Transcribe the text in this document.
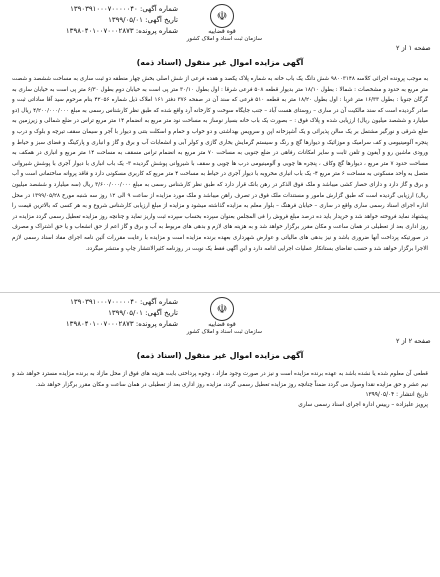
شماره آگهی: ۱۳۹۰۳۹۱۰۰۰۷۰۰۰۰۰۴۰
تاریخ آگهی: ۱۳۹۹/۰۵/۰۱
شماره پرونده: ۱۳۹۸۰۴۰۱۰۰۷۰۰۰۲۸۷۳
☫
قوه قضاییه
سازمان ثبت اسناد و املاک کشور
صفحه ۱ از ۲
آگهی مزایده اموال غیر منقول (اسناد ذمه)
به موجب پرونده اجرائی کلاسه ۹۸۰۰۳۱۴۸ شش دانگ یک باب خانه به شماره پلاک یکصد و هفده فرعی از شش اصلی بخش چهار منطقه دو ثبت ساری به مساحت ششصد و شصت متر مربع به حدود و مشخصات : شمالا : بطول ۱۸/۱۰ متر بدیوار قطعه ۵۰۸ فرعی شرقا : اول بطول ۳۰/۱۰ متر پی است به خیابان دوم بطول ۶/۳۰ متر پی است به خیابان ساری به گرگان جنوبا : بطول ۱۶/۳۳ متر غربا : اول بطول ۱۸/۲۰ متر به قطعه ۵۱۰ فرعی که سند آن در صفحه ۳۷۶ دفتر ۱۶۱ املاک ذیل شماره ۴۲۰۵۶ بنام مرحوم سید آقا ساداتی ثبت و صادر گردیده است که سند مالکیت آن در ساری – روستای هست آباد – جنب جایگاه سوخت و کارخانه آرد واقع شده که طبق نظر کارشناس رسمی به مبلغ ۴/۲۰۰/۰۰۰/۰۰۰ ریال (دو میلیارد و ششصد میلیون ریال) ارزیابی شده و پلاک فوق : – بصورت یک باب خانه بسیار نوساز به مساحت نود متر مربع به انضمام ۱۴ متر مربع تراس در ضلع شمالی و زیرزمین به ضلع شرقی و نورگیر مشتمل بر یک سالن پذیرائی و یک آشپزخانه اپن و سرویس بهداشتی و دو خواب و حمام و اسکلت بتنی و دیوار با آجر و سیمان سقف تیرچه و بلوک و درب و پنجره آلومینیومی و کف سرامیک و موزائیک و دیوارها گچ و رنگ و سیستم گرمایش بخاری گازی و کولر آبی و انشعابات آب و برق و گاز و انباری و پارکینگ و فضای سبز و حیاط و ورودی ماشین رو و آیفون و تلفن ثابت و سایر امکانات رفاهی در ضلع جنوبی به مساحت ۷۰ متر مربع به انضمام تراس مسقف به مساحت ۱۴ متر مربع و انباری در همکف به مساحت حدود ۷ متر مربع ، دیوارها گچ وکاف ، پنجره ها چوبی و آلومینیومی درب ها چوبی و سقف با شیروانی پوشش گردیده ۳- یک باب انباری با دیوار آجری با پوشش شیروانی متصل به واحد مسکونی به مساحت ۶ متر مربع ۴- یک باب انباری مخروبه با دیوار آجری در حیاط به مساحت ۴ متر مربع که کاربری مسکونی دارد و فاقد پروانه ساختمانی است و آب و برق و گاز دارد و دارای حصار کشی میباشد و ملک فوق الذکر در رهن بانک قرار دارد که طبق نظر کارشناس رسمی به مبلغ ۳/۶۰۰/۰۰۰/۰۰۰ ریال (سه میلیارد و ششصد میلیون ریال) ارزیابی گردیده است که طبق گزارش مامور و مستندات ملک فوق در تصرف راهن میباشد و ملک مورد مزایده از ساعت ۹ الی ۱۲ روز سه شنبه مورخ ۱۳۹۹/۰۵/۲۸ در محل اداره اجرای اسناد رسمی ساری واقع در ساری – خیابان فرهنگ – بلوار معلم به مزایده گذاشته میشود و مزایده از مبلغ ارزیابی کارشناس شروع و به هر کسی که بالاترین قیمت را پیشنهاد نماید فروخته خواهد شد و خریدار باید ده درصد مبلغ فروش را فی المجلس بعنوان سپرده بحساب سپرده ثبت واریز نماید و چنانچه روز مزایده تعطیل رسمی گردد مزایده در روز اداری بعد از تعطیلی در همان ساعت و مکان مقرر برگزار خواهد شد و به هزینه های لازم و بدهی های مربوط به آب و برق و گاز اعم از حق انشعاب و یا حق اشتراک و مصرف در صورتیکه پرداخت آنها ضروری باشد و نیز بدهی های مالیاتی و عوارض شهرداری بعهده برنده مزایده است و مزایده با رعایت مقررات آئین نامه اجرای مفاد اسناد رسمی لازم الاجرا برگزار خواهد شد و حسب تقاضای بستانکار عملیات اجرایی ادامه دارد و این آگهی فقط یک نوبت در روزنامه کثیرالانتشار چاپ و منتشر میگردد.
شماره آگهی: ۱۳۹۰۳۹۱۰۰۰۷۰۰۰۰۰۴۰
تاریخ آگهی: ۱۳۹۹/۰۵/۰۱
شماره پرونده: ۱۳۹۸۰۴۰۱۰۰۷۰۰۰۲۸۷۳
☫
قوه قضاییه
سازمان ثبت اسناد و املاک کشور
صفحه ۲ از ۲
آگهی مزایده اموال غیر منقول (اسناد ذمه)
قطعی آن معلوم شده یا نشده باشد به عهده برنده مزایده است و نیز در صورت وجود مازاد ، وجوه پرداختی بابت هزینه های فوق از محل مازاد به برنده مزایده مسترد خواهد شد و نیم عشر و حق مزایده نقدا وصول می گردد ضمناً چنانچه روز مزایده تعطیل رسمی گردد، مزایده روز اداری بعد از تعطیلی در همان ساعت و مکان مقرر برگزار خواهد شد.
تاریخ انتشار : ۱۳۹۹/۰۵/۰۴
پرویز علیزاده – رییس اداره اجرای اسناد رسمی ساری
